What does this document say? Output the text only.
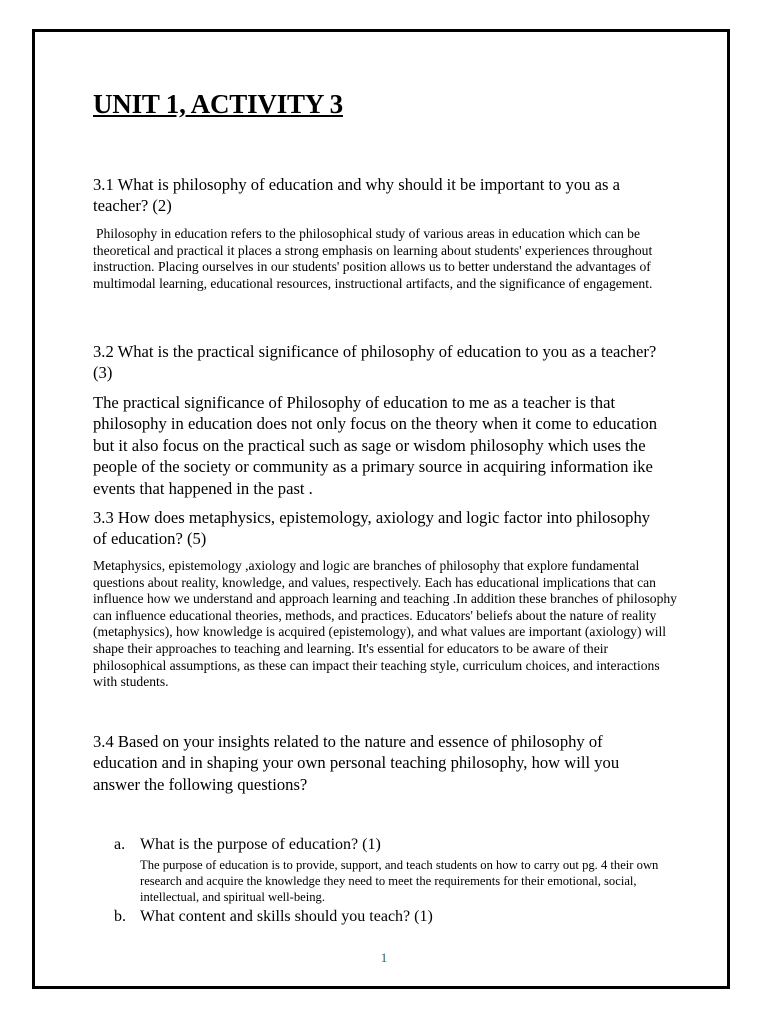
UNIT 1, ACTIVITY 3

3.1 What is philosophy of education and why should it be important to you as a teacher? (2)

Philosophy in education refers to the philosophical study of various areas in education which can be theoretical and practical it places a strong emphasis on learning about students' experiences throughout instruction. Placing ourselves in our students' position allows us to better understand the advantages of multimodal learning, educational resources, instructional artifacts, and the significance of engagement.

3.2 What is the practical significance of philosophy of education to you as a teacher? (3)

The practical significance of Philosophy of education to me as a teacher is that philosophy in education does not only focus on the theory when it come to education but it also focus on the practical such as sage or wisdom philosophy which uses the people of the society or community as a primary source in acquiring information ike events that happened in the past .

3.3 How does metaphysics, epistemology, axiology and logic factor into philosophy of education? (5)

Metaphysics, epistemology ,axiology and logic are branches of philosophy that explore fundamental questions about reality, knowledge, and values, respectively. Each has educational implications that can influence how we understand and approach learning and teaching .In addition these branches of philosophy can influence educational theories, methods, and practices. Educators' beliefs about the nature of reality (metaphysics), how knowledge is acquired (epistemology), and what values are important (axiology) will shape their approaches to teaching and learning. It's essential for educators to be aware of their philosophical assumptions, as these can impact their teaching style, curriculum choices, and interactions with students.

3.4 Based on your insights related to the nature and essence of philosophy of education and in shaping your own personal teaching philosophy, how will you answer the following questions?

a. What is the purpose of education? (1)
The purpose of education is to provide, support, and teach students on how to carry out pg. 4 their own research and acquire the knowledge they need to meet the requirements for their emotional, social, intellectual, and spiritual well-being.
b. What content and skills should you teach? (1)
1
